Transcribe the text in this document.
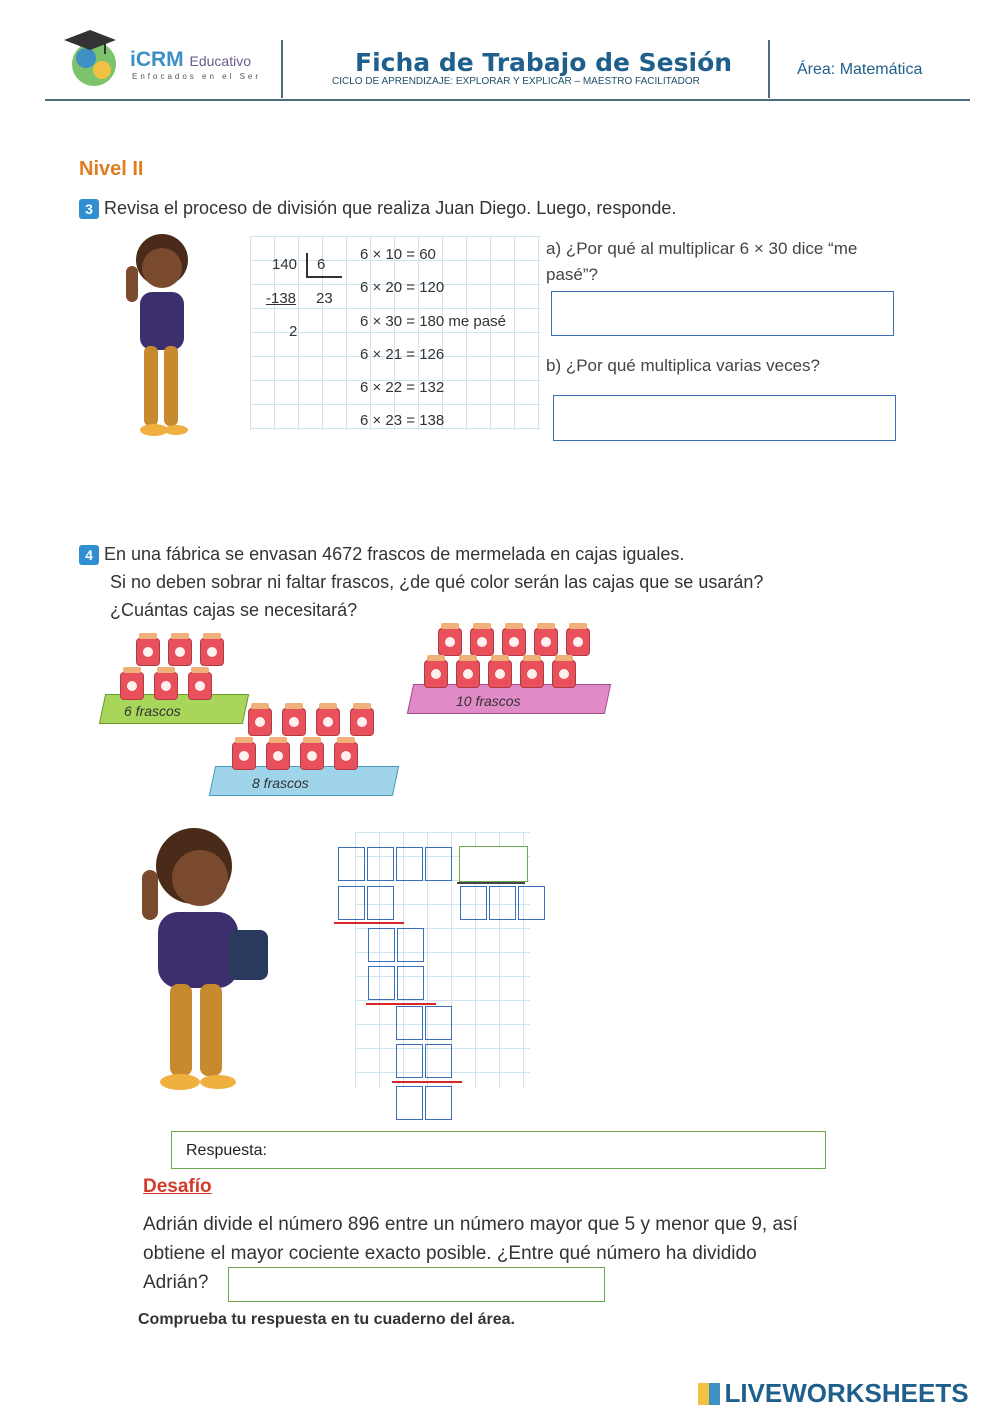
iCRM Educativo
Enfocados en el Ser	Ficha de Trabajo de Sesión
CICLO DE APRENDIZAJE: EXPLORAR Y EXPLICAR – MAESTRO FACILITADOR
Área: Matemática
Nivel II
3 Revisa el proceso de división que realiza Juan Diego. Luego, responde.
140 6
-138 23
2
6 × 10 = 60
6 × 20 = 120
6 × 30 = 180 me pasé
6 × 21 = 126
6 × 22 = 132
6 × 23 = 138
a) ¿Por qué al multiplicar 6 × 30 dice “me pasé”?
b) ¿Por qué multiplica varias veces?
4 En una fábrica se envasan 4672 frascos de mermelada en cajas iguales.
Si no deben sobrar ni faltar frascos, ¿de qué color serán las cajas que se usarán?
¿Cuántas cajas se necesitará?
6 frascos
8 frascos
10 frascos
Respuesta:
Desafío
Adrián divide el número 896 entre un número mayor que 5 y menor que 9, así
obtiene el mayor cociente exacto posible. ¿Entre qué número ha dividido
Adrián?
Comprueba tu respuesta en tu cuaderno del área.
LIVEWORKSHEETS
